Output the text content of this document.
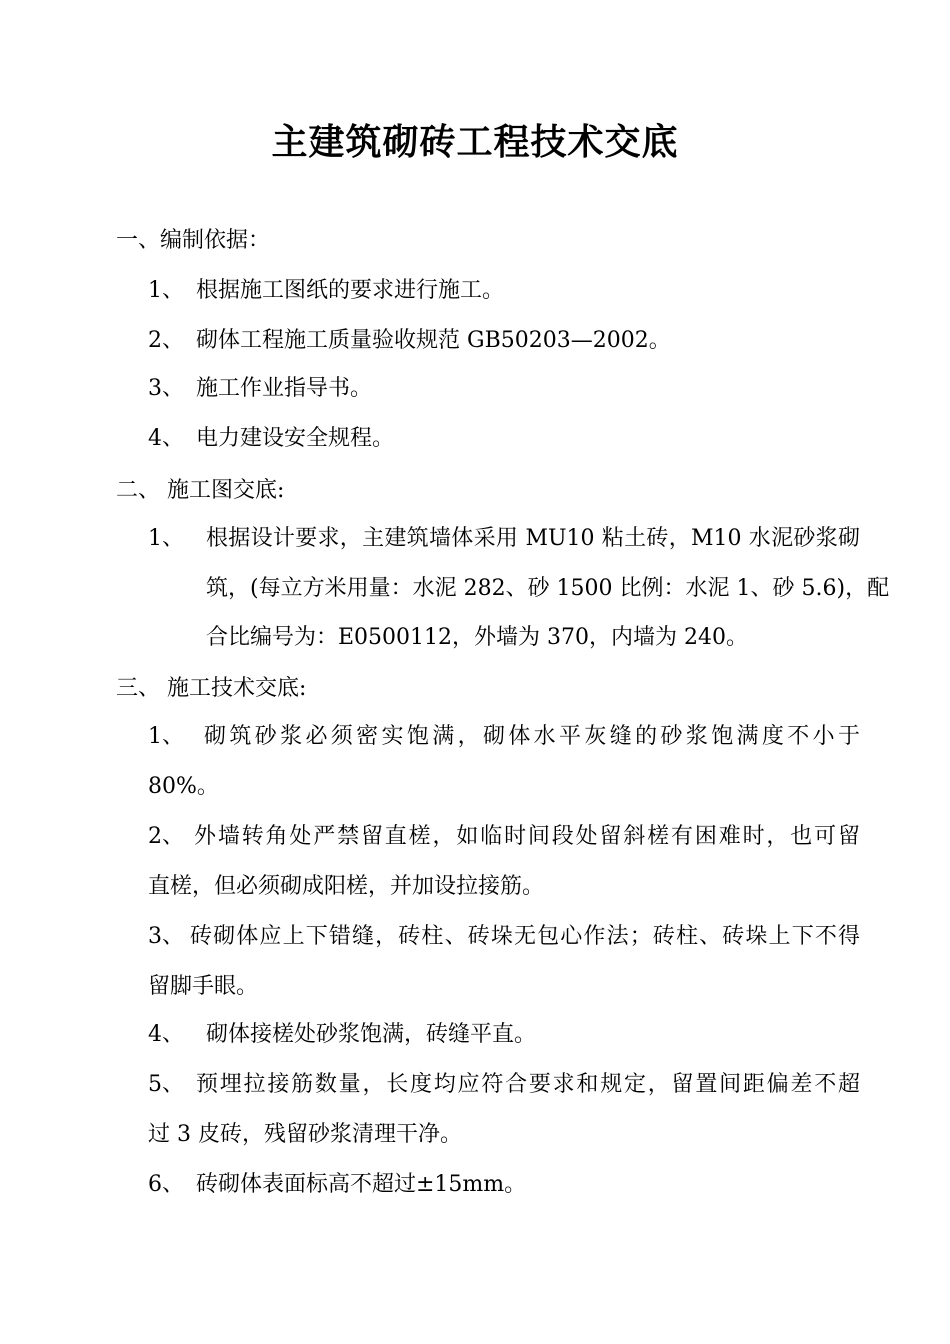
主建筑砌砖工程技术交底
一、编制依据：
1、 根据施工图纸的要求进行施工。
2、 砌体工程施工质量验收规范 GB50203—2002。
3、 施工作业指导书。
4、 电力建设安全规程。
二、 施工图交底:
1、 根据设计要求，主建筑墙体采用 MU10 粘土砖，M10 水泥砂浆砌
筑，(每立方米用量：水泥 282、砂 1500 比例：水泥 1、砂 5.6)，配
合比编号为：E0500112，外墙为 370，内墙为 240。
三、 施工技术交底:
1、 砌筑砂浆必须密实饱满，砌体水平灰缝的砂浆饱满度不小于
80%。
2、 外墙转角处严禁留直槎，如临时间段处留斜槎有困难时，也可留
直槎，但必须砌成阳槎，并加设拉接筋。
3、 砖砌体应上下错缝，砖柱、砖垛无包心作法；砖柱、砖垛上下不得
留脚手眼。
4、 砌体接槎处砂浆饱满，砖缝平直。
5、 预埋拉接筋数量，长度均应符合要求和规定，留置间距偏差不超
过 3 皮砖，残留砂浆清理干净。
6、 砖砌体表面标高不超过±15mm。
